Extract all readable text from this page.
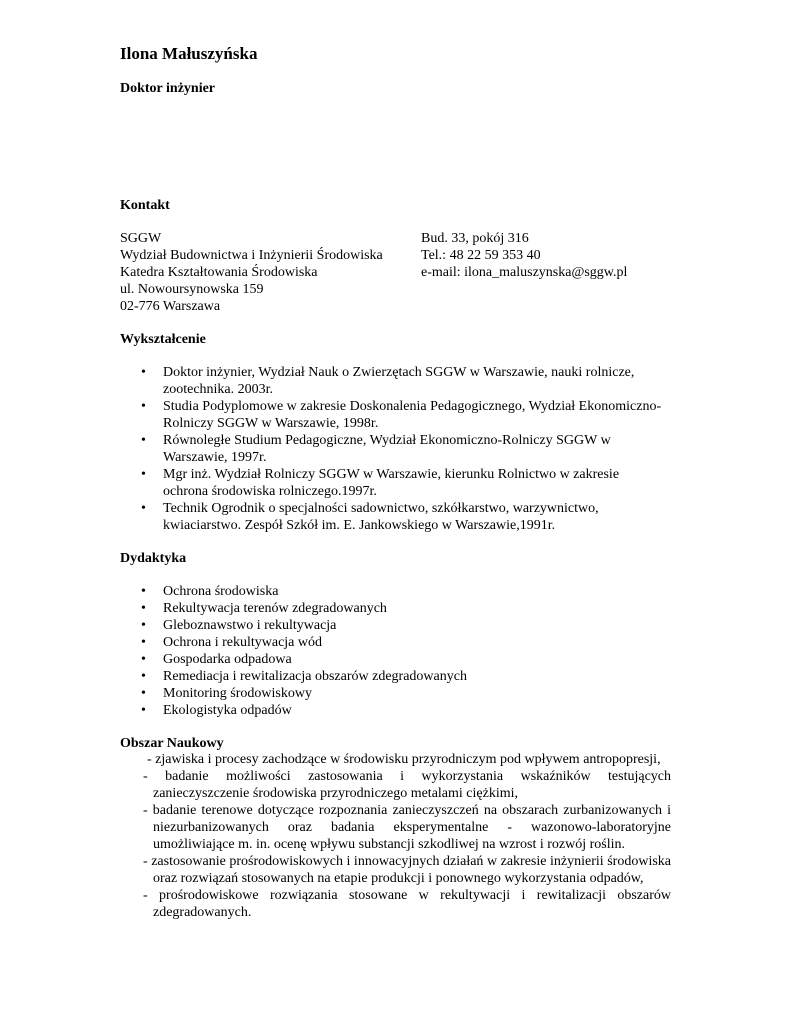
Ilona Małuszyńska

Doktor inżynier

Kontakt

SGGW
Wydział Budownictwa i Inżynierii Środowiska
Katedra Kształtowania Środowiska
ul. Nowoursynowska 159
02-776 Warszawa
Bud. 33, pokój 316
Tel.: 48 22 59 353 40
e-mail: ilona_maluszynska@sggw.pl

Wykształcenie

• Doktor inżynier, Wydział Nauk o Zwierzętach SGGW w Warszawie, nauki rolnicze, zootechnika. 2003r.
• Studia Podyplomowe w zakresie Doskonalenia Pedagogicznego, Wydział Ekonomiczno-Rolniczy SGGW w Warszawie, 1998r.
• Równoległe Studium Pedagogiczne, Wydział Ekonomiczno-Rolniczy SGGW w Warszawie, 1997r.
• Mgr inż. Wydział Rolniczy SGGW w Warszawie, kierunku Rolnictwo w zakresie ochrona środowiska rolniczego.1997r.
• Technik Ogrodnik o specjalności sadownictwo, szkółkarstwo, warzywnictwo, kwiaciarstwo. Zespół Szkół im. E. Jankowskiego w Warszawie,1991r.

Dydaktyka

• Ochrona środowiska
• Rekultywacja terenów zdegradowanych
• Gleboznawstwo i rekultywacja
• Ochrona i rekultywacja wód
• Gospodarka odpadowa
• Remediacja i rewitalizacja obszarów zdegradowanych
• Monitoring środowiskowy
• Ekologistyka odpadów

Obszar Naukowy

- zjawiska i procesy zachodzące w środowisku przyrodniczym pod wpływem antropopresji,

- badanie możliwości zastosowania i wykorzystania wskaźników testujących zanieczyszczenie środowiska przyrodniczego metalami ciężkimi,

- badanie terenowe dotyczące rozpoznania zanieczyszczeń na obszarach zurbanizowanych i niezurbanizowanych oraz badania eksperymentalne - wazonowo-laboratoryjne umożliwiające m. in. ocenę wpływu substancji szkodliwej na wzrost i rozwój roślin.

- zastosowanie prośrodowiskowych i innowacyjnych działań w zakresie inżynierii środowiska oraz rozwiązań stosowanych na etapie produkcji i ponownego wykorzystania odpadów,

- prośrodowiskowe rozwiązania stosowane w rekultywacji i rewitalizacji obszarów zdegradowanych.
